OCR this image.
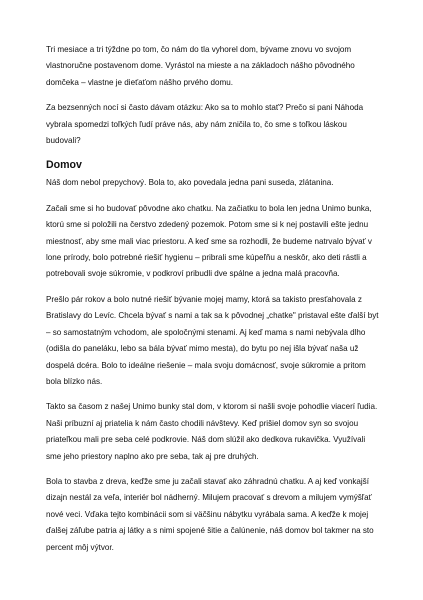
Tri mesiace a tri týždne po tom, čo nám do tla vyhorel dom, bývame znovu vo svojom vlastnoručne postavenom dome. Vyrástol na mieste a na základoch nášho pôvodného domčeka – vlastne je dieťaťom nášho prvého domu.

Za bezsenných nocí si často dávam otázku: Ako sa to mohlo stať? Prečo si pani Náhoda vybrala spomedzi toľkých ľudí práve nás, aby nám zničila to, čo sme s toľkou láskou budovali?

Domov

Náš dom nebol prepychový. Bola to, ako povedala jedna pani suseda, zlátanina.

Začali sme si ho budovať pôvodne ako chatku. Na začiatku to bola len jedna Unimo bunka, ktorú sme si položili na čerstvo zdedený pozemok. Potom sme si k nej postavili ešte jednu miestnosť, aby sme mali viac priestoru. A keď sme sa rozhodli, že budeme natrvalo bývať v lone prírody, bolo potrebné riešiť hygienu – pribrali sme kúpeľňu a neskôr, ako deti rástli a potrebovali svoje súkromie, v podkroví pribudli dve spálne a jedna malá pracovňa.

Prešlo pár rokov a bolo nutné riešiť bývanie mojej mamy, ktorá sa takisto presťahovala z Bratislavy do Levíc. Chcela bývať s nami a tak sa k pôvodnej „chatke" pristaval ešte ďalší byt – so samostatným vchodom, ale spoločnými stenami. Aj keď mama s nami nebývala dlho (odišla do paneláku, lebo sa bála bývať mimo mesta), do bytu po nej išla bývať naša už dospelá dcéra. Bolo to ideálne riešenie – mala svoju domácnosť, svoje súkromie a pritom bola blízko nás.

Takto sa časom z našej Unimo bunky stal dom, v ktorom si našli svoje pohodlie viacerí ľudia. Naši príbuzní aj priatelia k nám často chodili návštevy. Keď prišiel domov syn so svojou priateľkou mali pre seba celé podkrovie. Náš dom slúžil ako dedkova rukavička. Využívali sme jeho priestory naplno ako pre seba, tak aj pre druhých.

Bola to stavba z dreva, keďže sme ju začali stavať ako záhradnú chatku. A aj keď vonkajší dizajn nestál za veľa, interiér bol nádherný. Milujem pracovať s drevom a milujem vymýšľať nové veci. Vďaka tejto kombinácii som si väčšinu nábytku vyrábala sama. A keďže k mojej ďalšej záľube patria aj látky a s nimi spojené šitie a čalúnenie, náš domov bol takmer na sto percent môj výtvor.
